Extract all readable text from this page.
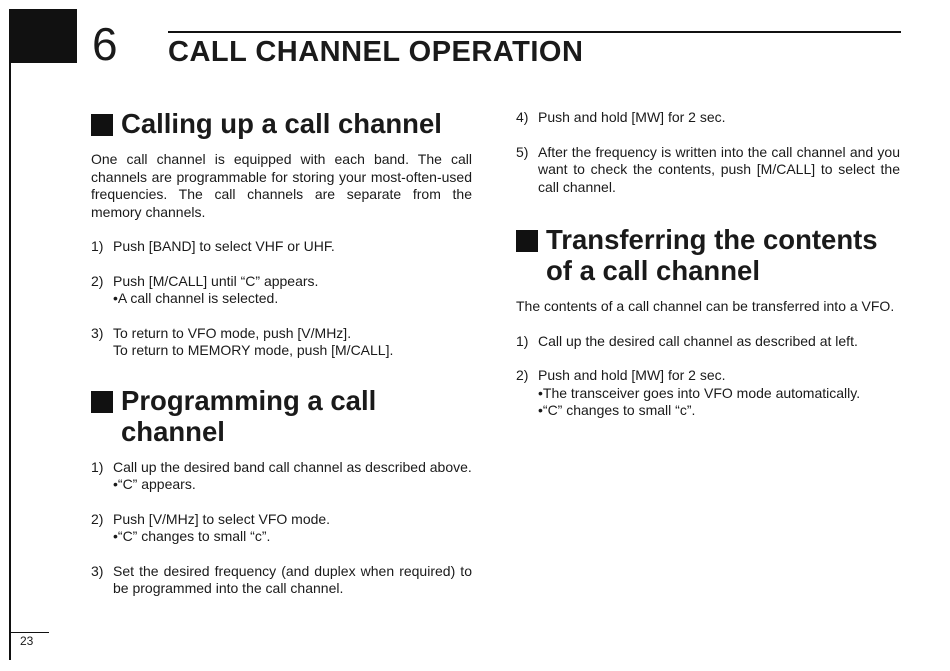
23
6 CALL CHANNEL OPERATION
Calling up a call channel

One call channel is equipped with each band. The call channels are programmable for storing your most-often-used frequencies. The call channels are separate from the memory channels.

1) Push [BAND] to select VHF or UHF.
2) Push [M/CALL] until “C” appears.
•A call channel is selected.
3) To return to VFO mode, push [V/MHz].
To return to MEMORY mode, push [M/CALL].
Programming a call
channel
1) Call up the desired band call channel as described above.
•“C” appears.
2) Push [V/MHz] to select VFO mode.
•“C” changes to small “c”.
3) Set the desired frequency (and duplex when required) to be programmed into the call channel.
4) Push and hold [MW] for 2 sec.
5) After the frequency is written into the call channel and you want to check the contents, push [M/CALL] to select the call channel.
Transferring the contents
of a call channel

The contents of a call channel can be transferred into a VFO.

1) Call up the desired call channel as described at left.
2) Push and hold [MW] for 2 sec.
•The transceiver goes into VFO mode automatically.
•“C” changes to small “c”.
